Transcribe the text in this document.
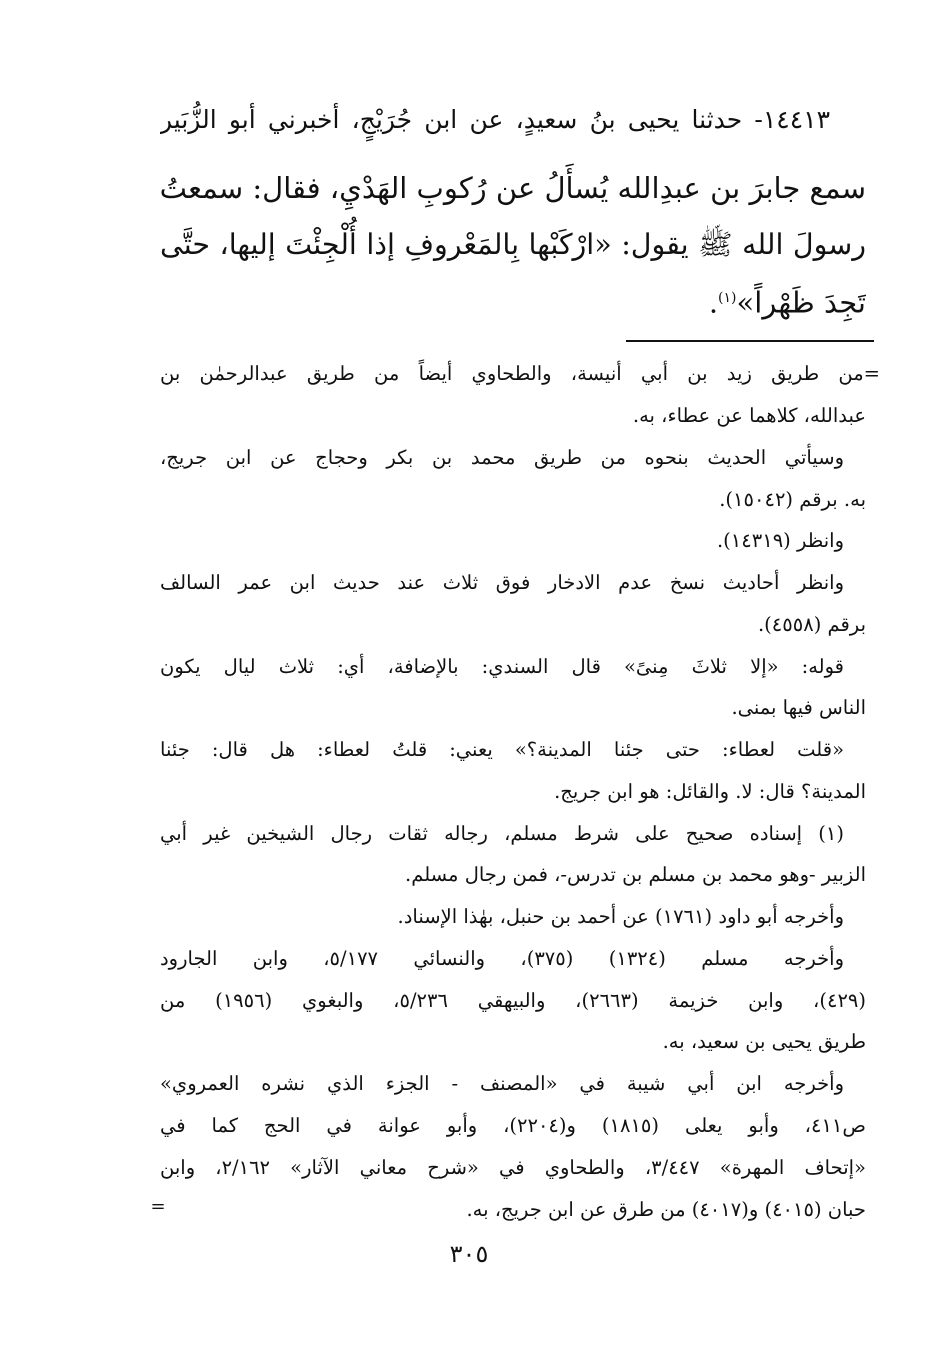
١٤٤١٣- حدثنا يحيى بنُ سعيدٍ، عن ابن جُرَيْجٍ، أخبرني أبو الزُّبَير
سمع جابرَ بن عبدِالله يُسأَلُ عن رُكوبِ الهَدْيِ، فقال: سمعتُ
رسولَ الله ﷺ يقول: «ارْكَبْها بِالمَعْروفِ إذا أُلْجِئْتَ إليها، حتَّى
تَجِدَ ظَهْراً»$^{(١)}$.
=من طريق زيد بن أبي أنيسة، والطحاوي أيضاً من طريق عبدالرحمٰن بن
عبدالله، كلاهما عن عطاء، به.
وسيأتي الحديث بنحوه من طريق محمد بن بكر وحجاج عن ابن جريج،
به. برقم (١٥٠٤٢).
وانظر (١٤٣١٩).
وانظر أحاديث نسخ عدم الادخار فوق ثلاث عند حديث ابن عمر السالف
برقم (٤٥٥٨).
قوله: «إلا ثلاثَ مِنىً» قال السندي: بالإضافة، أي: ثلاث ليال يكون
الناس فيها بمنى.
«قلت لعطاء: حتى جئنا المدينة؟» يعني: قلتُ لعطاء: هل قال: جئنا
المدينة؟ قال: لا. والقائل: هو ابن جريج.
(١) إسناده صحيح على شرط مسلم، رجاله ثقات رجال الشيخين غير أبي
الزبير -وهو محمد بن مسلم بن تدرس-، فمن رجال مسلم.
وأخرجه أبو داود (١٧٦١) عن أحمد بن حنبل، بهٰذا الإسناد.
وأخرجه مسلم (١٣٢٤) (٣٧٥)، والنسائي ٥/١٧٧، وابن الجارود
(٤٢٩)، وابن خزيمة (٢٦٦٣)، والبيهقي ٥/٢٣٦، والبغوي (١٩٥٦) من
طريق يحيى بن سعيد، به.
وأخرجه ابن أبي شيبة في «المصنف - الجزء الذي نشره العمروي»
ص٤١١، وأبو يعلى (١٨١٥) و(٢٢٠٤)، وأبو عوانة في الحج كما في
«إتحاف المهرة» ٣/٤٤٧، والطحاوي في «شرح معاني الآثار» ٢/١٦٢، وابن
حبان (٤٠١٥) و(٤٠١٧) من طرق عن ابن جريج، به.
=
٣٠٥
